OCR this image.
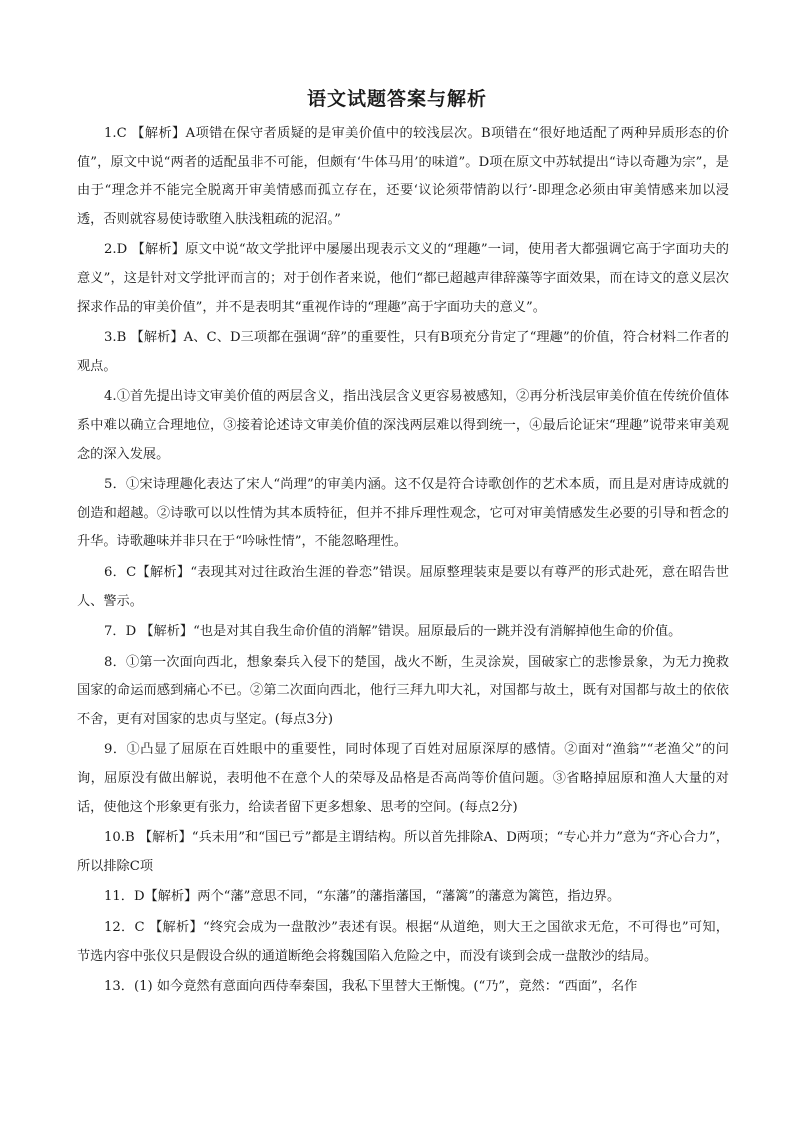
语文试题答案与解析

1.C 【解析】A项错在保守者质疑的是审美价值中的较浅层次。B项错在“很好地适配了两种异质形态的价值”，原文中说“两者的适配虽非不可能，但颇有‘牛体马用’的味道”。D项在原文中苏轼提出“诗以奇趣为宗”，是由于“理念并不能完全脱离开审美情感而孤立存在，还要‘议论须带情韵以行’-即理念必须由审美情感来加以浸透，否则就容易使诗歌堕入肤浅粗疏的泥沼。”

2.D 【解析】原文中说“故文学批评中屡屡出现表示文义的“理趣”一词，使用者大都强调它高于字面功夫的意义”，这是针对文学批评而言的；对于创作者来说，他们“都已超越声律辞藻等字面效果，而在诗文的意义层次探求作品的审美价值”，并不是表明其“重视作诗的“理趣”高于字面功夫的意义”。

3.B 【解析】A、C、D三项都在强调“辞”的重要性，只有B项充分肯定了“理趣”的价值，符合材料二作者的观点。

4.①首先提出诗文审美价值的两层含义，指出浅层含义更容易被感知，②再分析浅层审美价值在传统价值体系中难以确立合理地位，③接着论述诗文审美价值的深浅两层难以得到统一，④最后论证宋“理趣”说带来审美观念的深入发展。

5．①宋诗理趣化表达了宋人“尚理”的审美内涵。这不仅是符合诗歌创作的艺术本质，而且是对唐诗成就的创造和超越。②诗歌可以以性情为其本质特征，但并不排斥理性观念，它可对审美情感发生必要的引导和哲念的升华。诗歌趣味并非只在于“吟咏性情”，不能忽略理性。

6．C【解析】“表现其对过往政治生涯的眷恋”错误。屈原整理装束是要以有尊严的形式赴死，意在昭告世人、警示。

7．D 【解析】“也是对其自我生命价值的消解”错误。屈原最后的一跳并没有消解掉他生命的价值。

8．①第一次面向西北，想象秦兵入侵下的楚国，战火不断，生灵涂炭，国破家亡的悲惨景象，为无力挽救国家的命运而感到痛心不已。②第二次面向西北，他行三拜九叩大礼，对国都与故土，既有对国都与故土的依依不舍，更有对国家的忠贞与坚定。(每点3分)

9．①凸显了屈原在百姓眼中的重要性，同时体现了百姓对屈原深厚的感情。②面对“渔翁”“老渔父”的问询，屈原没有做出解说，表明他不在意个人的荣辱及品格是否高尚等价值问题。③省略掉屈原和渔人大量的对话，使他这个形象更有张力，给读者留下更多想象、思考的空间。(每点2分)

10.B 【解析】“兵未用”和“国已亏”都是主谓结构。所以首先排除A、D两项；“专心并力”意为“齐心合力”，所以排除C项

11．D【解析】两个“藩”意思不同，“东藩”的藩指藩国，“藩篱”的藩意为篱笆，指边界。

12．C 【解析】“终究会成为一盘散沙”表述有误。根据“从道绝，则大王之国欲求无危，不可得也”可知，节选内容中张仪只是假设合纵的通道断绝会将魏国陷入危险之中，而没有谈到会成一盘散沙的结局。

13．(1) 如今竟然有意面向西侍奉秦国，我私下里替大王惭愧。(“乃”，竟然：“西面”，名作
